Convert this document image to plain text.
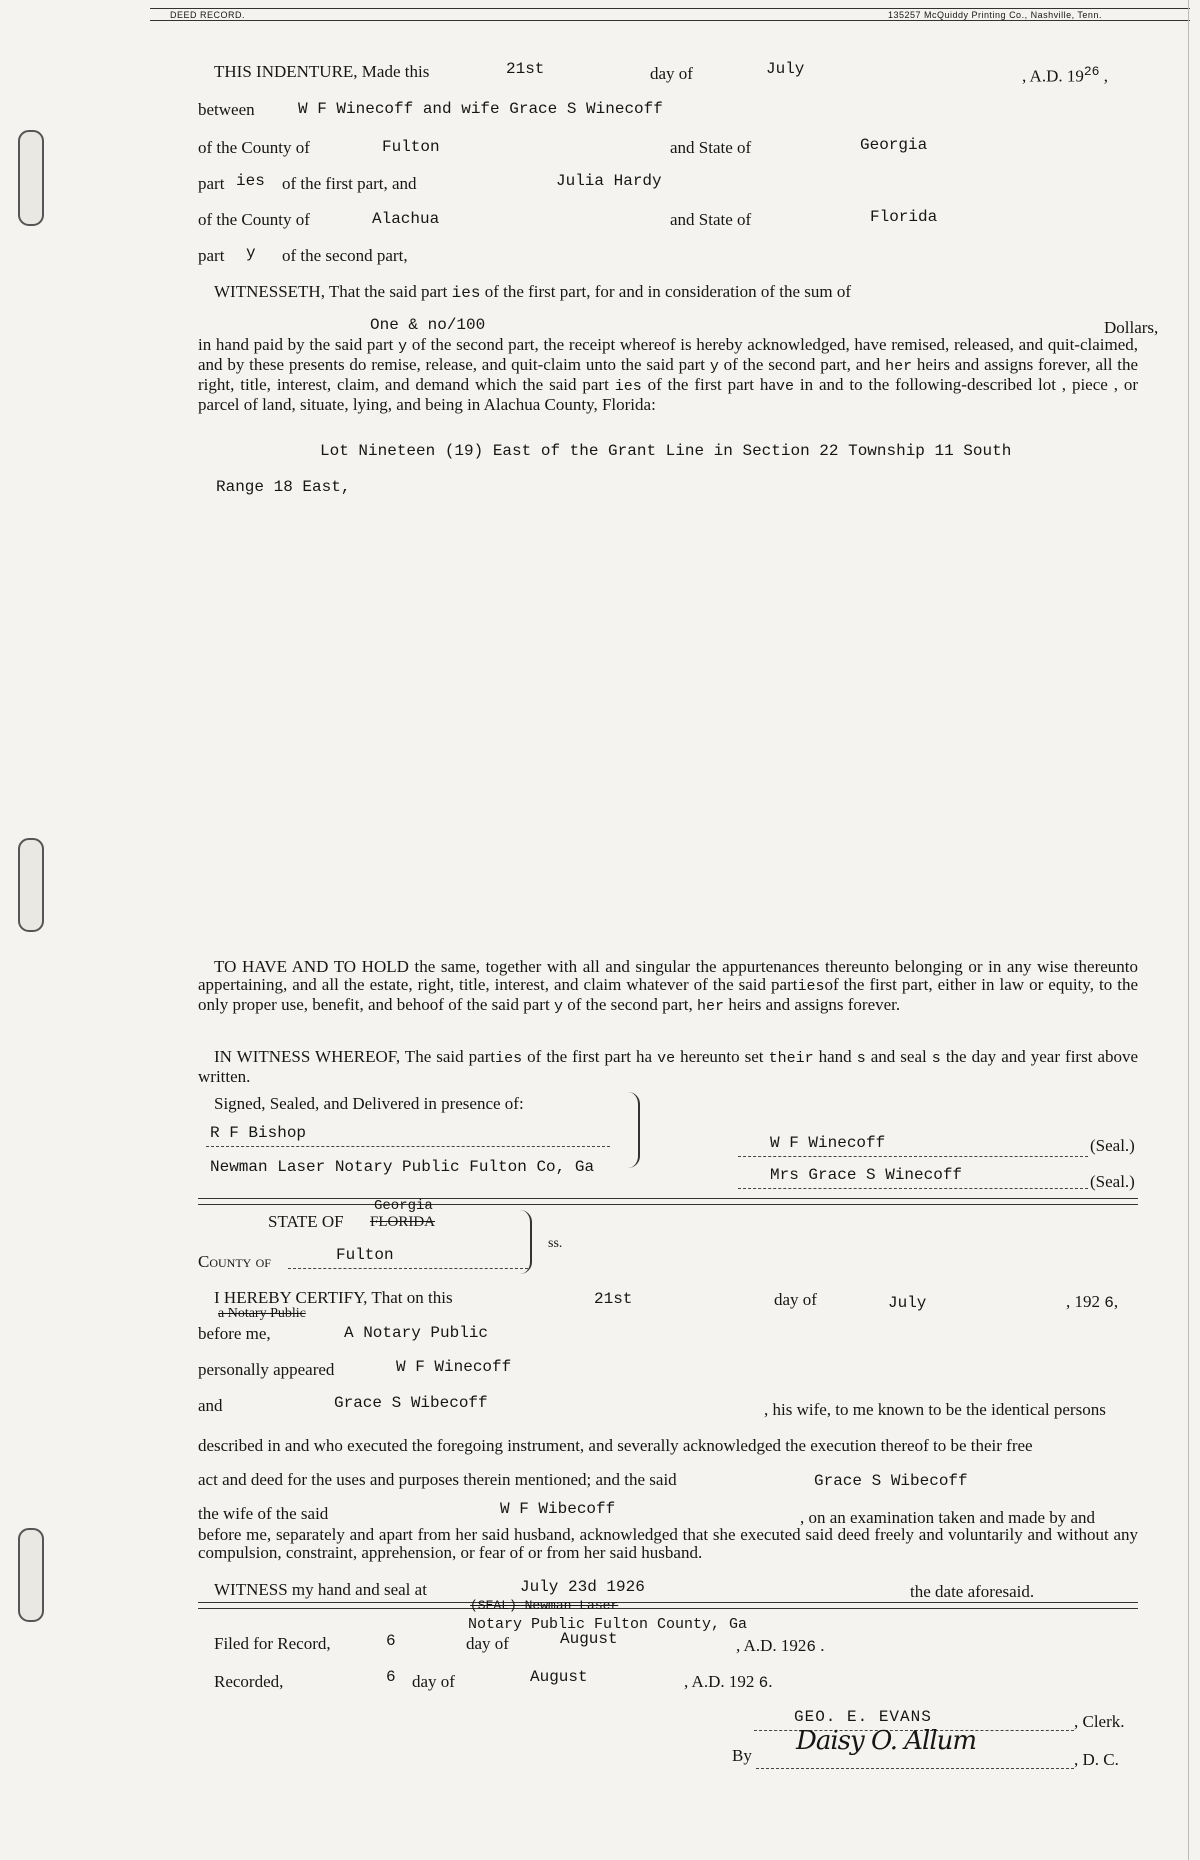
DEED RECORD.	135257 McQuiddy Printing Co., Nashville, Tenn.
THIS INDENTURE, Made this	21st	day of	July	, A.D. $19^{26}$ ,
between	W F Winecoff and wife Grace S Winecoff
of the County of	Fulton	and State of	Georgia
part ies of the first part, and	Julia Hardy
of the County of	Alachua	and State of	Florida
part y of the second part,
WITNESSETH, That the said part ies of the first part, for and in consideration of the sum of
One & no/100	Dollars,
in hand paid by the said part y of the second part, the receipt whereof is hereby acknowledged, have remised, released, and quit-claimed, and by these presents do remise, release, and quit-claim unto the said part y of the second part, and her heirs and assigns forever, all the right, title, interest, claim, and demand which the said part ies of the first part have in and to the following-described lot , piece , or parcel of land, situate, lying, and being in Alachua County, Florida:
Lot Nineteen (19) East of the Grant Line in Section 22 Township 11 South
Range 18 East,
TO HAVE AND TO HOLD the same, together with all and singular the appurtenances thereunto belonging or in any wise thereunto appertaining, and all the estate, right, title, interest, and claim whatever of the said partiesof the first part, either in law or equity, to the only proper use, benefit, and behoof of the said part y of the second part, her heirs and assigns forever.
IN WITNESS WHEREOF, The said parties of the first part ha ve hereunto set their hand s and seal s the day and year first above written.
Signed, Sealed, and Delivered in presence of:
R F Bishop
Newman Laser Notary Public Fulton Co, Ga
W F Winecoff	(Seal.)
Mrs Grace S Winecoff	(Seal.)
STATE OF FLORIDA
Georgia
County of	Fulton
ss.
I HEREBY CERTIFY, That on this	21st	day of	July	, 192 6,
a Notary Public
before me,	A Notary Public
personally appeared	W F Winecoff
and	Grace S Wibecoff	, his wife, to me known to be the identical persons
described in and who executed the foregoing instrument, and severally acknowledged the execution thereof to be their free
act and deed for the uses and purposes therein mentioned; and the said	Grace S Wibecoff
the wife of the said	W F Wibecoff	, on an examination taken and made by and
before me, separately and apart from her said husband, acknowledged that she executed said deed freely and voluntarily and without any compulsion, constraint, apprehension, or fear of or from her said husband.
WITNESS my hand and seal at	July 23d 1926	the date aforesaid.
(SEAL) Newman Laser
Notary Public Fulton County, Ga
Filed for Record,	6	day of	August	, A.D. 1926 .
Recorded,	6 day of	August	, A.D. 192 6.
GEO. E. EVANS	, Clerk.
By Daisy O. Allum
, D. C.
